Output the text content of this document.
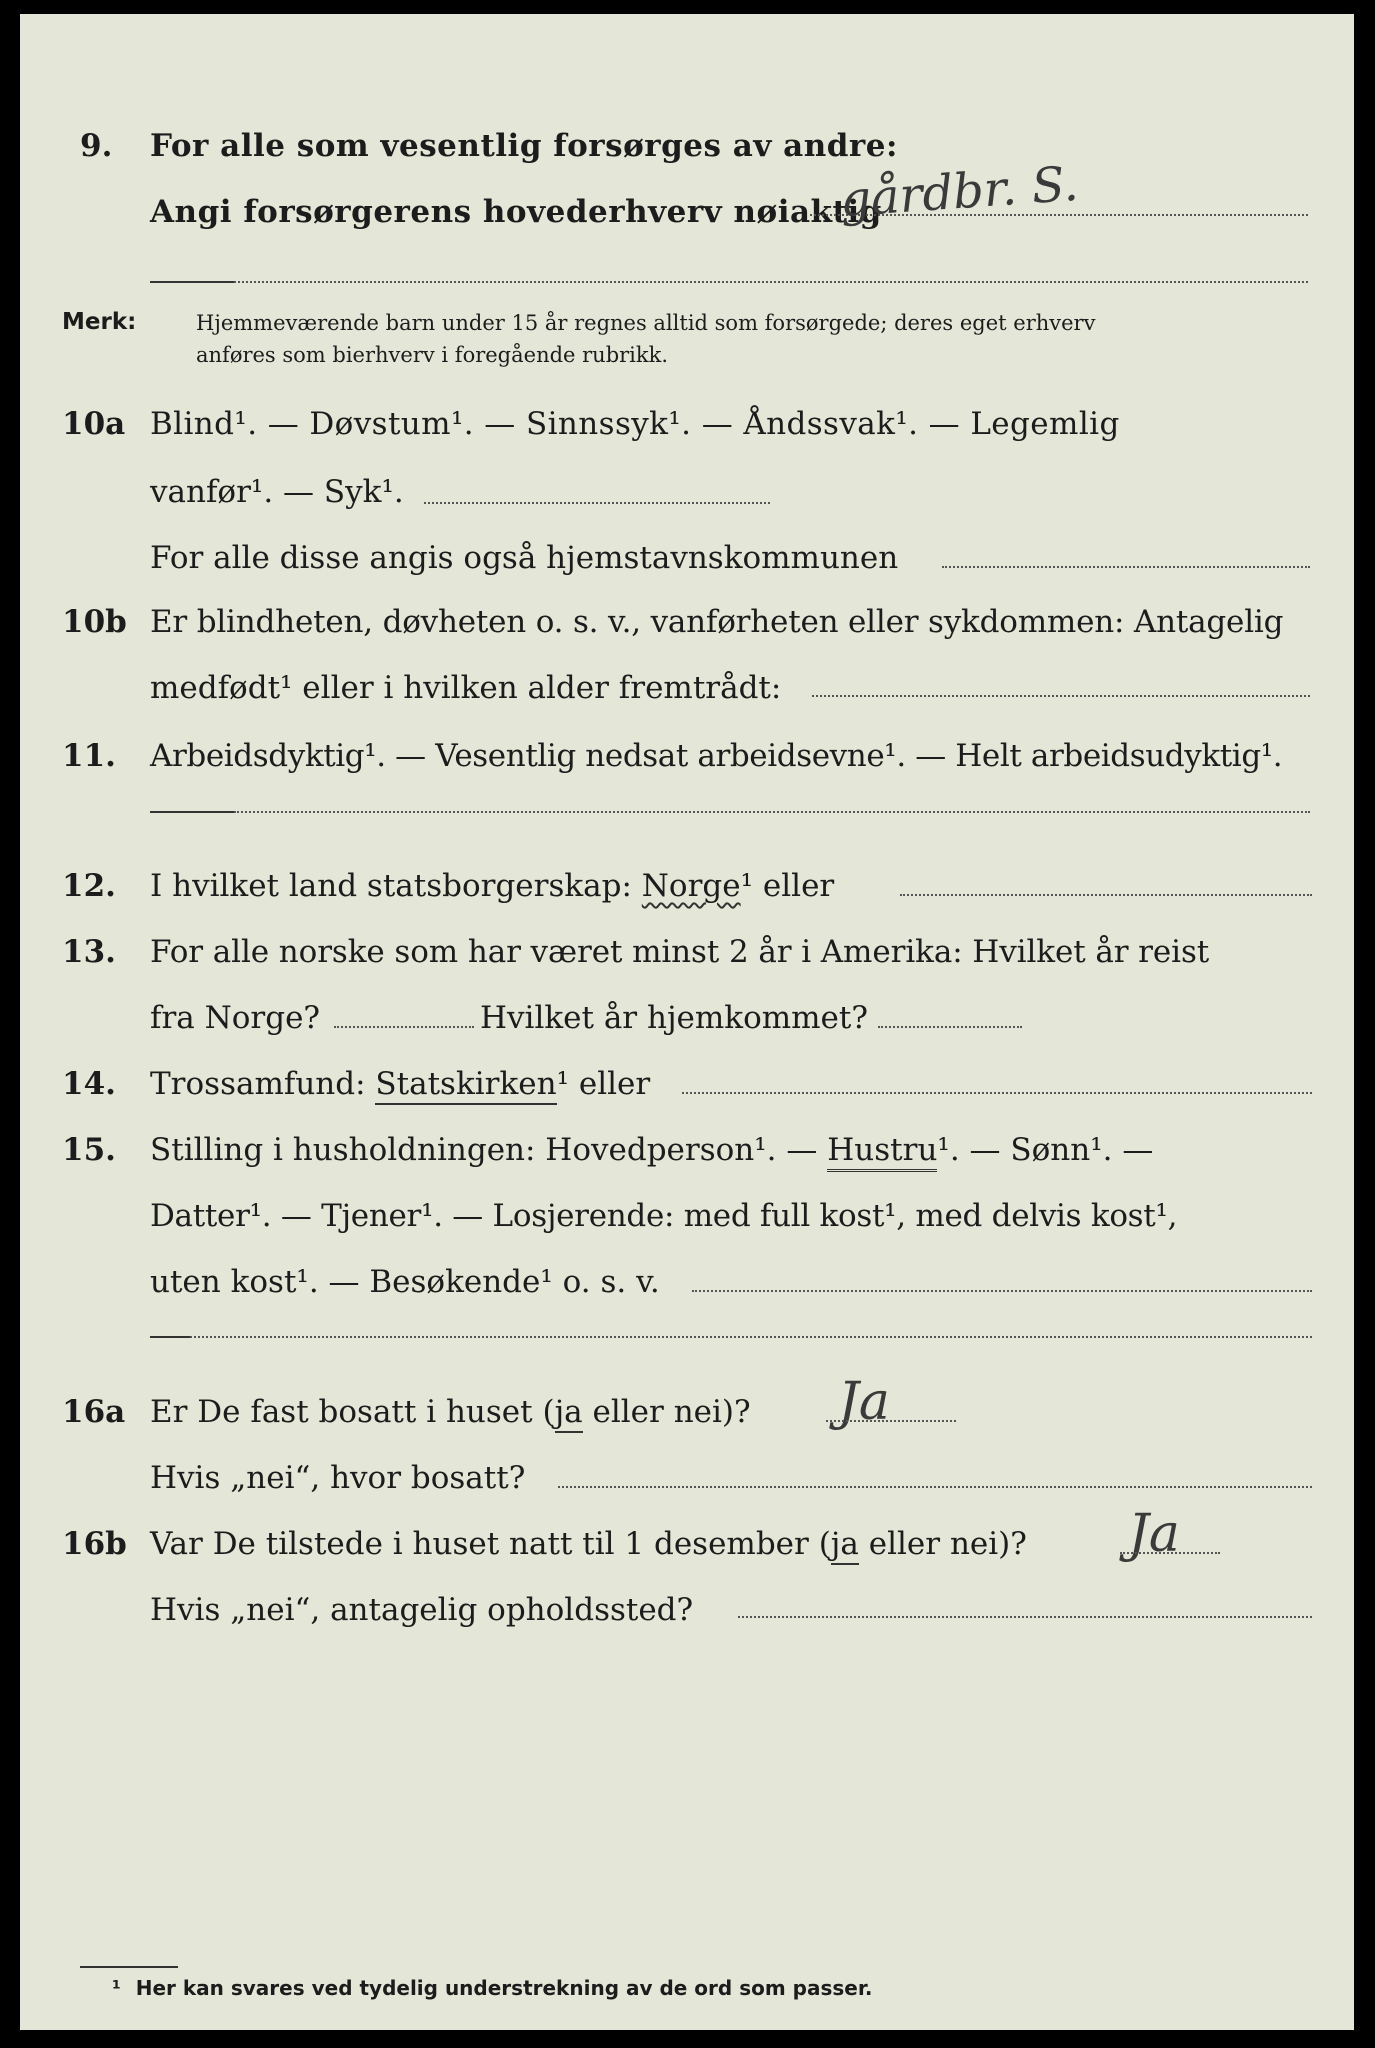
9. For alle som vesentlig forsørges av andre:
Angi forsørgerens hovederhverv nøiaktig
gårdbr. S.
Merk:	Hjemmeværende barn under 15 år regnes alltid som forsørgede; deres eget erhverv
anføres som bierhverv i foregående rubrikk.
10a Blind¹. — Døvstum¹. — Sinnssyk¹. — Åndssvak¹. — Legemlig
vanfør¹. — Syk¹.
For alle disse angis også hjemstavnskommunen
10b Er blindheten, døvheten o. s. v., vanførheten eller sykdommen: Antagelig
medfødt¹ eller i hvilken alder fremtrådt:
11. Arbeidsdyktig¹. — Vesentlig nedsat arbeidsevne¹. — Helt arbeidsudyktig¹.
12. I hvilket land statsborgerskap: Norge¹ eller
13. For alle norske som har været minst 2 år i Amerika: Hvilket år reist
fra Norge?	Hvilket år hjemkommet?
14. Trossamfund: Statskirken¹ eller
15. Stilling i husholdningen: Hovedperson¹. — Hustru¹. — Sønn¹. —
Datter¹. — Tjener¹. — Losjerende: med full kost¹, med delvis kost¹,
uten kost¹. — Besøkende¹ o. s. v.
16a Er De fast bosatt i huset (ja eller nei)? Ja
Hvis „nei“, hvor bosatt?
16b Var De tilstede i huset natt til 1 desember (ja eller nei)? Ja
Hvis „nei“, antagelig opholdssted?
¹ Her kan svares ved tydelig understrekning av de ord som passer.
